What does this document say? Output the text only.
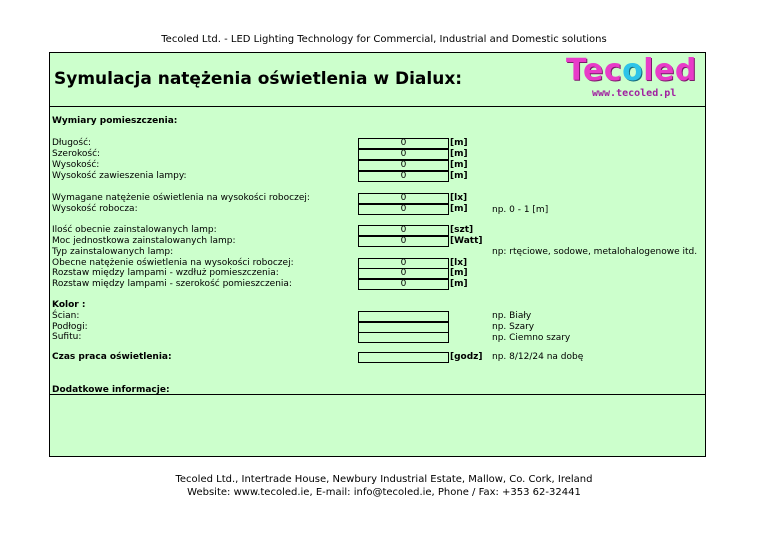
Tecoled Ltd. - LED Lighting Technology for Commercial, Industrial and Domestic solutions
Symulacja natężenia oświetlenia w Dialux:	Tecoled
www.tecoled.pl
Wymiary pomieszczenia:
Długość:	0	[m]
Szerokość:	0	[m]
Wysokość:	0	[m]
Wysokość zawieszenia lampy:	0	[m]
Wymagane natężenie oświetlenia na wysokości roboczej:	0	[lx]
Wysokość robocza:	0	[m]	np. 0 - 1 [m]
Ilość obecnie zainstalowanych lamp:	0	[szt]
Moc jednostkowa zainstalowanych lamp:	0	[Watt]
Typ zainstalowanych lamp:	np: rtęciowe, sodowe, metalohalogenowe itd.
Obecne natężenie oświetlenia na wysokości roboczej:	0	[lx]
Rozstaw między lampami - wzdłuż pomieszczenia:	0	[m]
Rozstaw między lampami - szerokość pomieszczenia:	0	[m]
Kolor :
Ścian:	np. Biały
Podłogi:	np. Szary
Sufitu:	np. Ciemno szary
Czas praca oświetlenia:	[godz] np. 8/12/24 na dobę
Dodatkowe informacje:
Tecoled Ltd., Intertrade House, Newbury Industrial Estate, Mallow, Co. Cork, Ireland
Website: www.tecoled.ie, E-mail: info@tecoled.ie, Phone / Fax: +353 62-32441
